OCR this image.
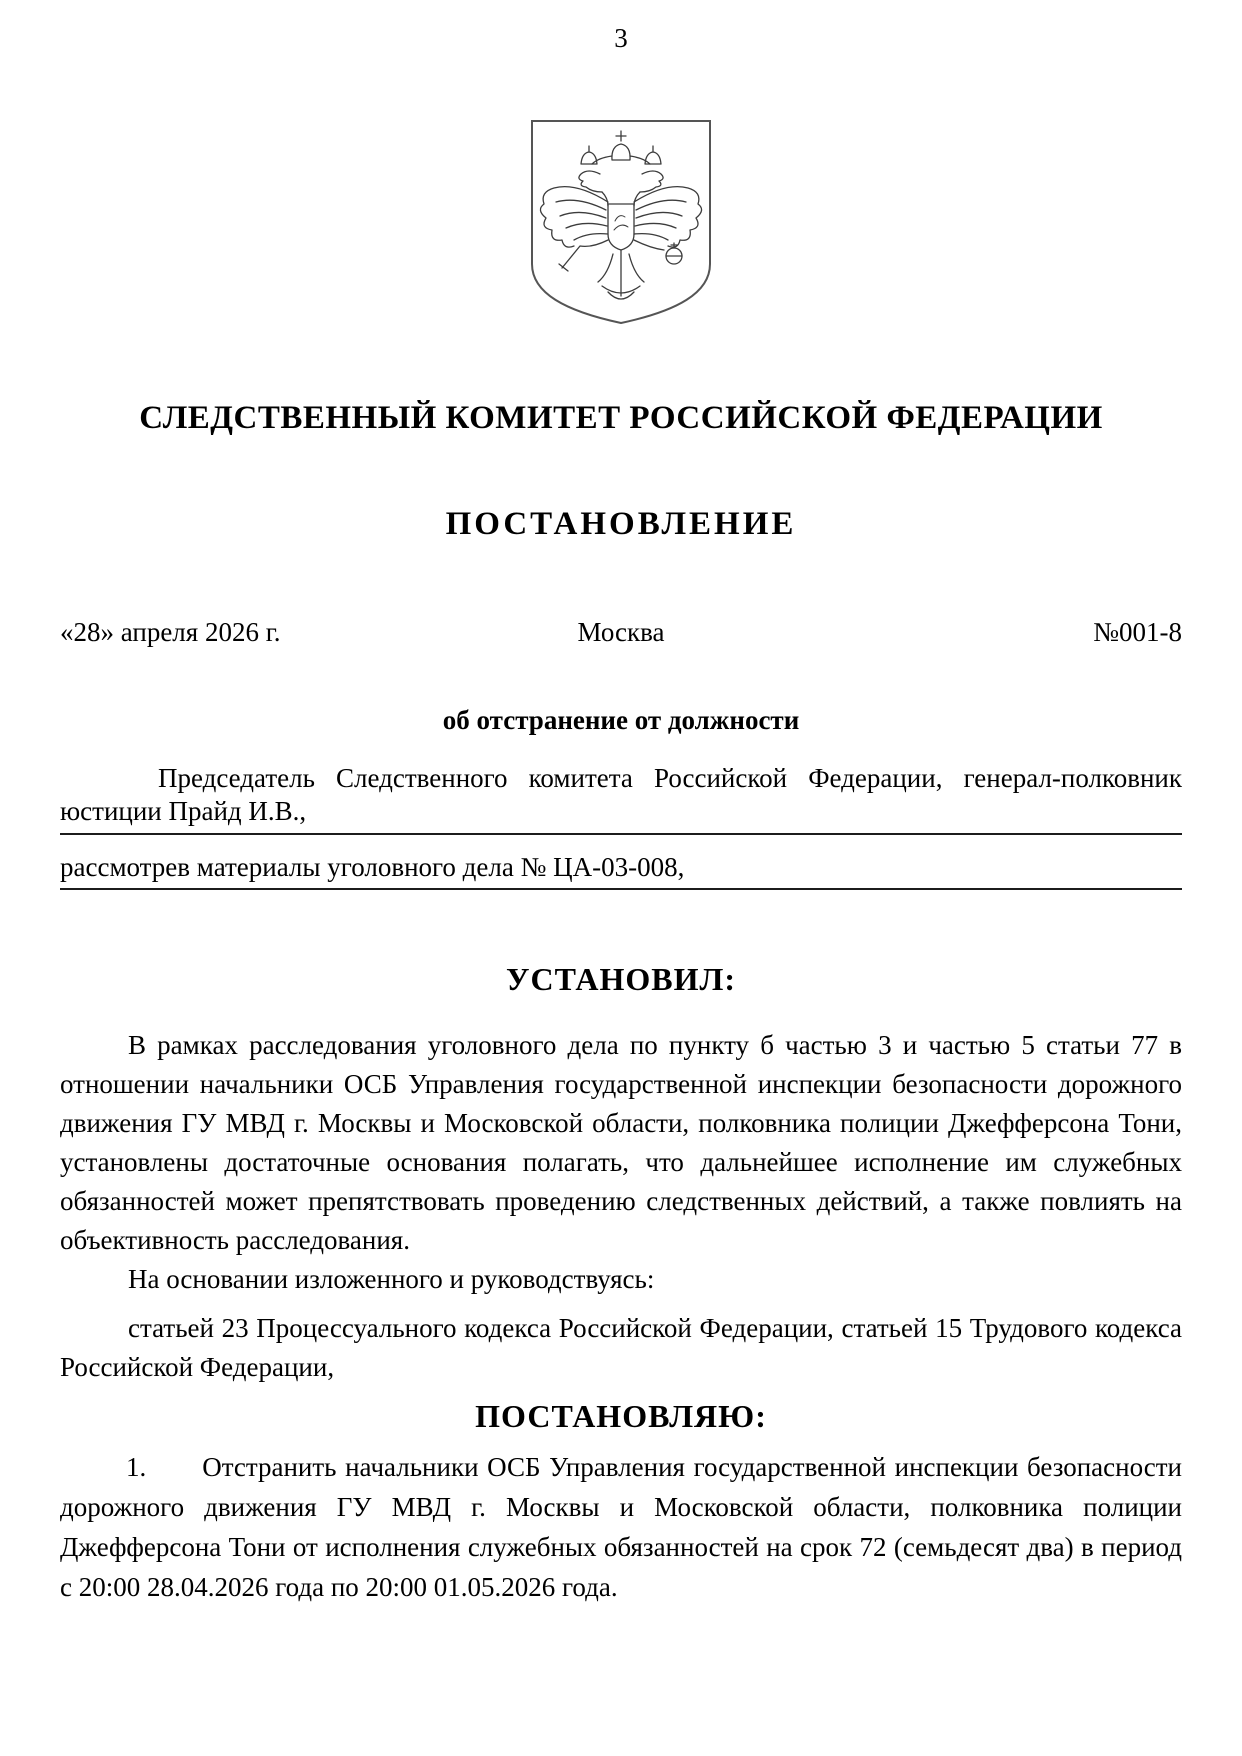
3
СЛЕДСТВЕННЫЙ КОМИТЕТ РОССИЙСКОЙ ФЕДЕРАЦИИ
ПОСТАНОВЛЕНИЕ
«28» апреля 2026 г.	Москва	№001-8
об отстранение от должности

Председатель Следственного комитета Российской Федерации, генерал-полковник юстиции Прайд И.В.,

рассмотрев материалы уголовного дела № ЦА-03-008,

УСТАНОВИЛ:

В рамках расследования уголовного дела по пункту б частью 3 и частью 5 статьи 77 в отношении начальники ОСБ Управления государственной инспекции безопасности дорожного движения ГУ МВД г. Москвы и Московской области, полковника полиции Джефферсона Тони, установлены достаточные основания полагать, что дальнейшее исполнение им служебных обязанностей может препятствовать проведению следственных действий, а также повлиять на объективность расследования.

На основании изложенного и руководствуясь:

статьей 23 Процессуального кодекса Российской Федерации, статьей 15 Трудового кодекса Российской Федерации,

ПОСТАНОВЛЯЮ:

1. Отстранить начальники ОСБ Управления государственной инспекции безопасности дорожного движения ГУ МВД г. Москвы и Московской области, полковника полиции Джефферсона Тони от исполнения служебных обязанностей на срок 72 (семьдесят два) в период с 20:00 28.04.2026 года по 20:00 01.05.2026 года.
